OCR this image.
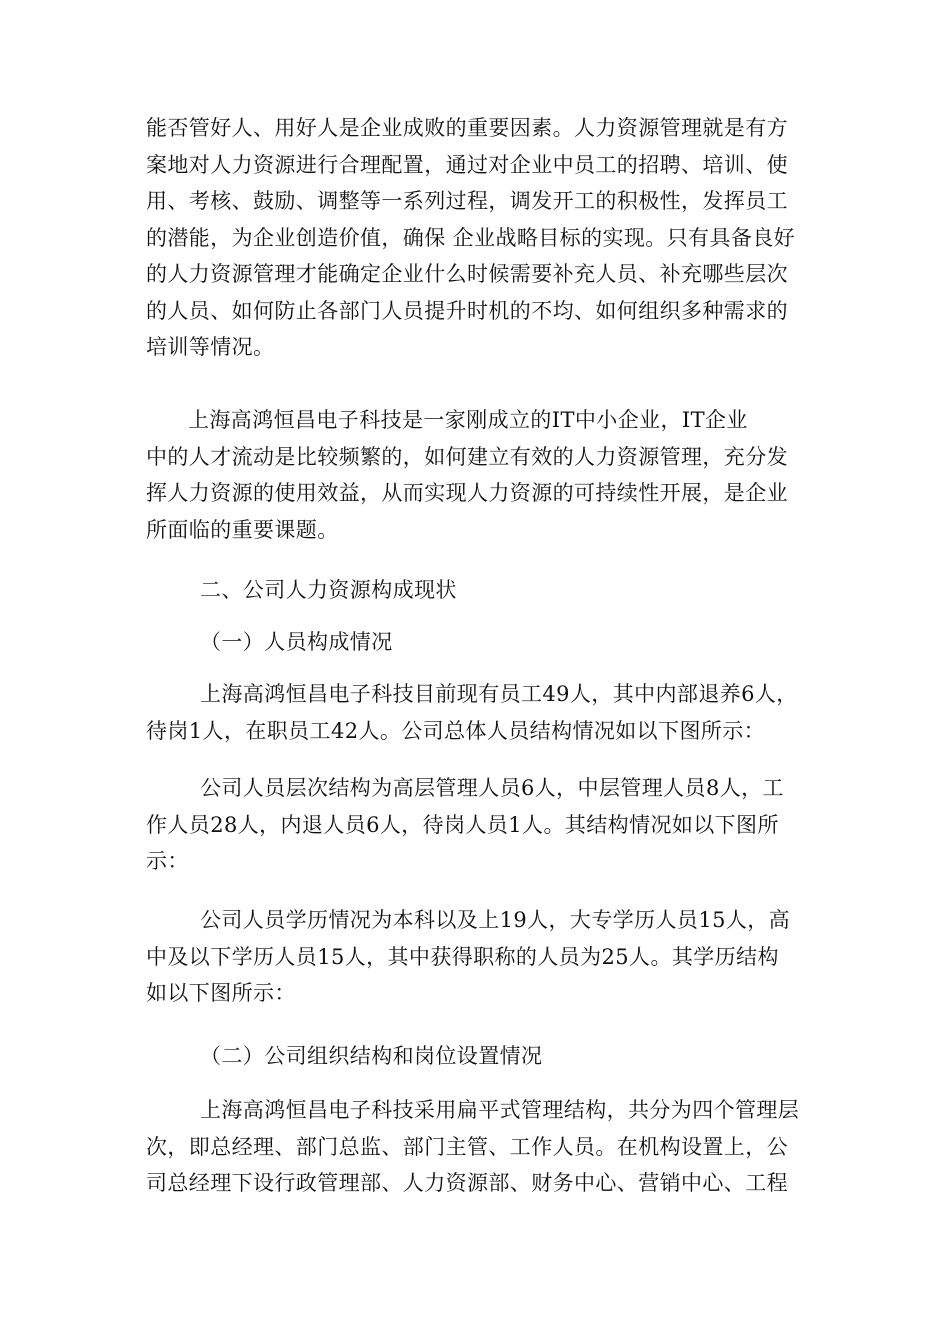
能否管好人、用好人是企业成败的重要因素。人力资源管理就是有方
案地对人力资源进行合理配置，通过对企业中员工的招聘、培训、使
用、考核、鼓励、调整等一系列过程，调发开工的积极性，发挥员工
的潜能，为企业创造价值，确保 企业战略目标的实现。只有具备良好
的人力资源管理才能确定企业什么时候需要补充人员、补充哪些层次
的人员、如何防止各部门人员提升时机的不均、如何组织多种需求的
培训等情况。
上海高鸿恒昌电子科技是一家刚成立的IT中小企业，IT企业
中的人才流动是比较频繁的，如何建立有效的人力资源管理，充分发
挥人力资源的使用效益，从而实现人力资源的可持续性开展，是企业
所面临的重要课题。
二、公司人力资源构成现状
（一）人员构成情况
上海高鸿恒昌电子科技目前现有员工49人，其中内部退养6人，
待岗1人，在职员工42人。公司总体人员结构情况如以下图所示：
公司人员层次结构为高层管理人员6人，中层管理人员8人，工
作人员28人，内退人员6人，待岗人员1人。其结构情况如以下图所
示：
公司人员学历情况为本科以及上19人，大专学历人员15人，高
中及以下学历人员15人，其中获得职称的人员为25人。其学历结构
如以下图所示：
（二）公司组织结构和岗位设置情况
上海高鸿恒昌电子科技采用扁平式管理结构，共分为四个管理层
次，即总经理、部门总监、部门主管、工作人员。在机构设置上，公
司总经理下设行政管理部、人力资源部、财务中心、营销中心、工程
